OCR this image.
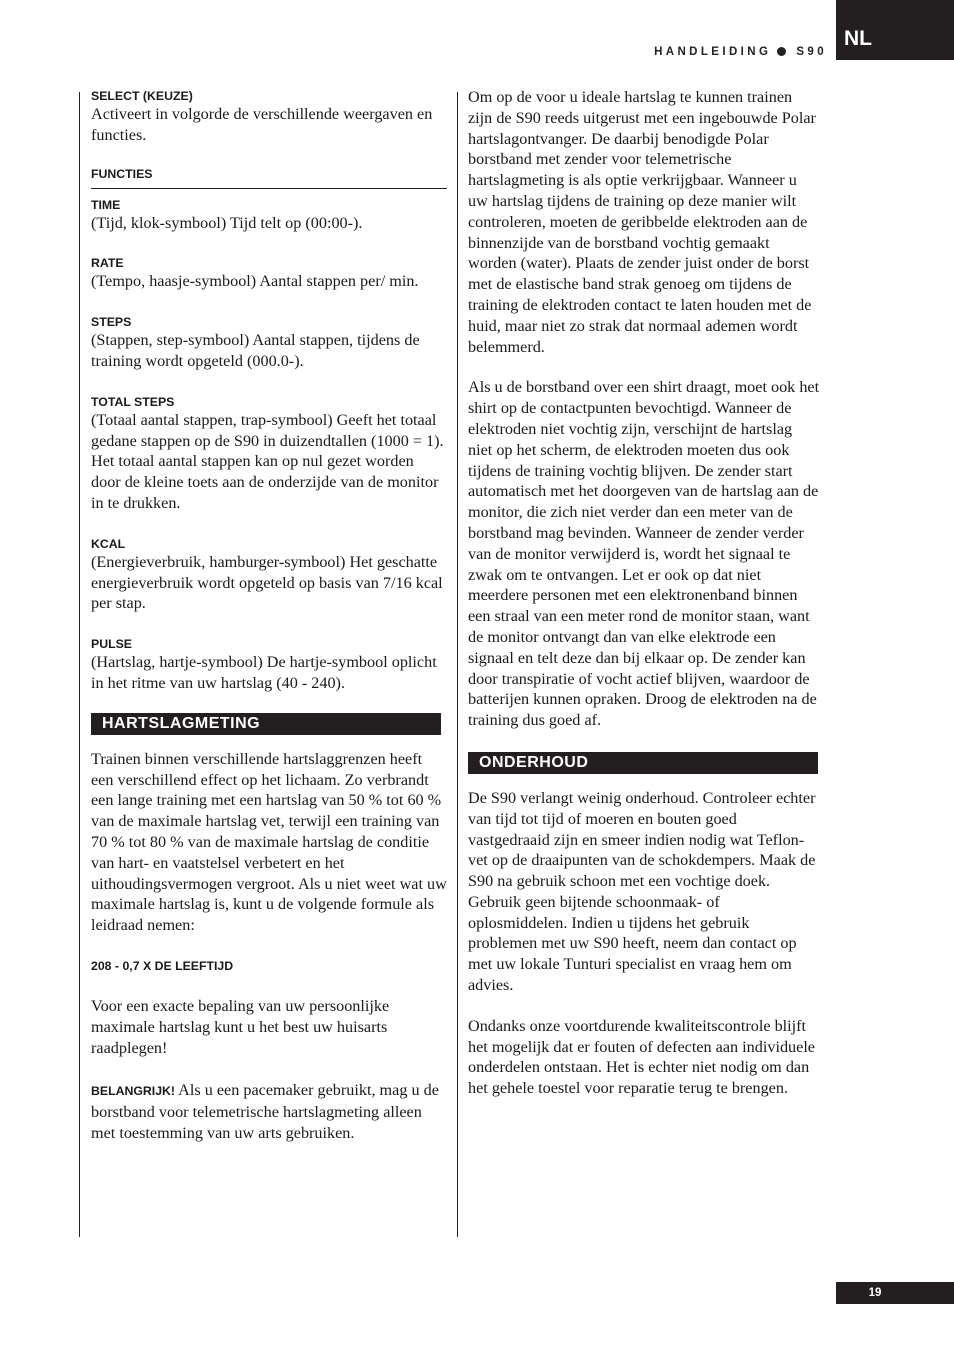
NL
HANDLEIDING S90

SELECT (KEUZE)

Activeert in volgorde de verschillende weergaven en functies.

FUNCTIES

TIME

(Tijd, klok-symbool) Tijd telt op (00:00-).

RATE

(Tempo, haasje-symbool) Aantal stappen per/ min.

STEPS

(Stappen, step-symbool) Aantal stappen, tijdens de training wordt opgeteld (000.0-).

TOTAL STEPS

(Totaal aantal stappen, trap-symbool) Geeft het totaal gedane stappen op de S90 in duizendtallen (1000 = 1). Het totaal aantal stappen kan op nul gezet worden door de kleine toets aan de onderzijde van de monitor in te drukken.

KCAL

(Energieverbruik, hamburger-symbool) Het geschatte energieverbruik wordt opgeteld op basis van 7/16 kcal per stap.

PULSE

(Hartslag, hartje-symbool) De hartje-symbool oplicht in het ritme van uw hartslag (40 - 240).

HARTSLAGMETING

Trainen binnen verschillende hartslaggrenzen heeft een verschillend effect op het lichaam. Zo verbrandt een lange training met een hartslag van 50 % tot 60 % van de maximale hartslag vet, terwijl een training van 70 % tot 80 % van de maximale hartslag de conditie van hart- en vaatstelsel verbetert en het uithoudingsvermogen vergroot. Als u niet weet wat uw maximale hartslag is, kunt u de volgende formule als leidraad nemen:

208 - 0,7 X DE LEEFTIJD

Voor een exacte bepaling van uw persoonlijke maximale hartslag kunt u het best uw huisarts raadplegen!

BELANGRIJK! Als u een pacemaker gebruikt, mag u de borstband voor telemetrische hartslagmeting alleen met toestemming van uw arts gebruiken.

Om op de voor u ideale hartslag te kunnen trainen zijn de S90 reeds uitgerust met een ingebouwde Polar hartslagontvanger. De daarbij benodigde Polar borstband met zender voor telemetrische hartslagmeting is als optie verkrijgbaar. Wanneer u uw hartslag tijdens de training op deze manier wilt controleren, moeten de geribbelde elektroden aan de binnenzijde van de borstband vochtig gemaakt worden (water). Plaats de zender juist onder de borst met de elastische band strak genoeg om tijdens de training de elektroden contact te laten houden met de huid, maar niet zo strak dat normaal ademen wordt belemmerd.

Als u de borstband over een shirt draagt, moet ook het shirt op de contactpunten bevochtigd. Wanneer de elektroden niet vochtig zijn, verschijnt de hartslag niet op het scherm, de elektroden moeten dus ook tijdens de training vochtig blijven. De zender start automatisch met het doorgeven van de hartslag aan de monitor, die zich niet verder dan een meter van de borstband mag bevinden. Wanneer de zender verder van de monitor verwijderd is, wordt het signaal te zwak om te ontvangen. Let er ook op dat niet meerdere personen met een elektronenband binnen een straal van een meter rond de monitor staan, want de monitor ontvangt dan van elke elektrode een signaal en telt deze dan bij elkaar op. De zender kan door transpiratie of vocht actief blijven, waardoor de batterijen kunnen opraken. Droog de elektroden na de training dus goed af.

ONDERHOUD

De S90 verlangt weinig onderhoud. Controleer echter van tijd tot tijd of moeren en bouten goed vastgedraaid zijn en smeer indien nodig wat Teflon-vet op de draaipunten van de schokdempers. Maak de S90 na gebruik schoon met een vochtige doek. Gebruik geen bijtende schoonmaak- of oplosmiddelen. Indien u tijdens het gebruik problemen met uw S90 heeft, neem dan contact op met uw lokale Tunturi specialist en vraag hem om advies.

Ondanks onze voortdurende kwaliteitscontrole blijft het mogelijk dat er fouten of defecten aan individuele onderdelen ontstaan. Het is echter niet nodig om dan het gehele toestel voor reparatie terug te brengen.

19
